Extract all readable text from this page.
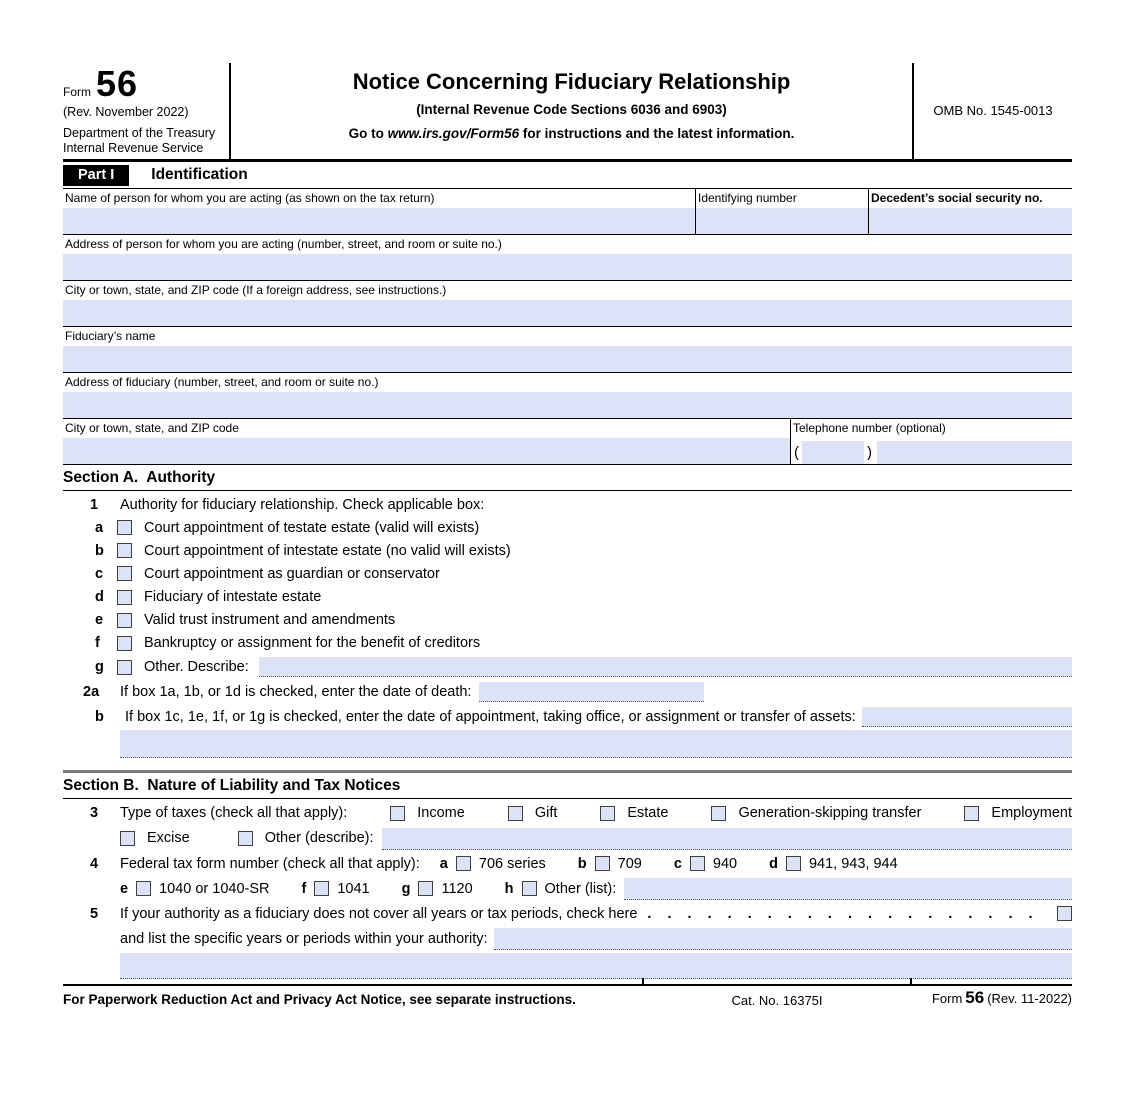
Form 56
(Rev. November 2022)
Department of the Treasury
Internal Revenue Service
Notice Concerning Fiduciary Relationship
(Internal Revenue Code Sections 6036 and 6903)
Go to www.irs.gov/Form56 for instructions and the latest information.
OMB No. 1545-0013
Part I	Identification
Name of person for whom you are acting (as shown on the tax return)	Identifying number	Decedent’s social security no.
Address of person for whom you are acting (number, street, and room or suite no.)
City or town, state, and ZIP code (If a foreign address, see instructions.)
Fiduciary’s name
Address of fiduciary (number, street, and room or suite no.)
City or town, state, and ZIP code	Telephone number (optional)
(	)
Section A.  Authority
1	Authority for fiduciary relationship. Check applicable box:
a	Court appointment of testate estate (valid will exists)
b	Court appointment of intestate estate (no valid will exists)
c	Court appointment as guardian or conservator
d	Fiduciary of intestate estate
e	Valid trust instrument and amendments
f	Bankruptcy or assignment for the benefit of creditors
g	Other. Describe:
2a	If box 1a, 1b, or 1d is checked, enter the date of death:
b	If box 1c, 1e, 1f, or 1g is checked, enter the date of appointment, taking office, or assignment or transfer of assets:
Section B.  Nature of Liability and Tax Notices
3	Type of taxes (check all that apply):	Income	Gift	Estate	Generation-skipping transfer	Employment
Excise	Other (describe):
4	Federal tax form number (check all that apply): a 706 series b 709 c 940 d 941, 943, 944
e 1040 or 1040-SR f 1041 g 1120 h Other (list):
5	If your authority as a fiduciary does not cover all years or tax periods, check here . . . . . . . . . . . . . . . . . . . .
and list the specific years or periods within your authority:
For Paperwork Reduction Act and Privacy Act Notice, see separate instructions.	Cat. No. 16375I	Form 56 (Rev. 11-2022)
